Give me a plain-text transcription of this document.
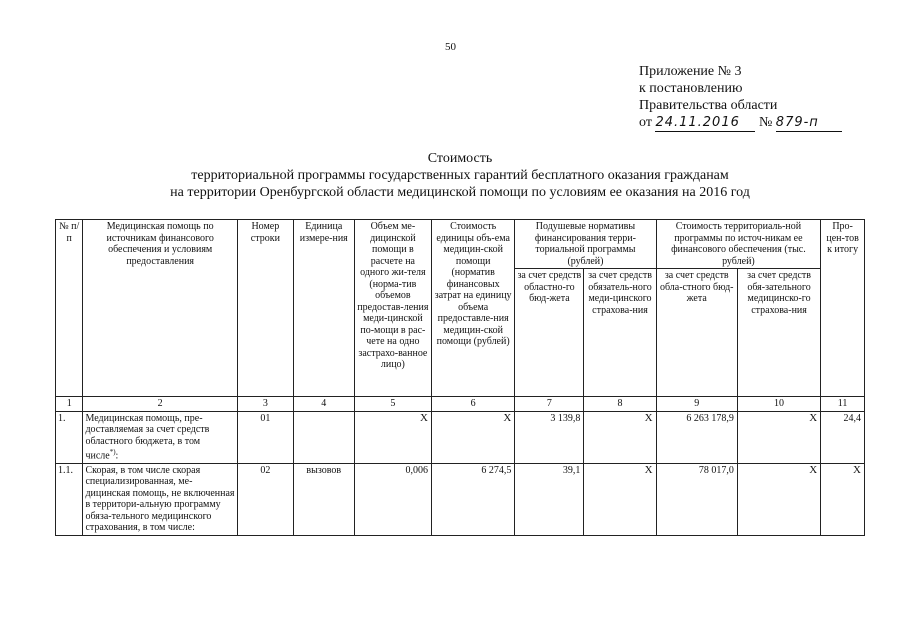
50
Приложение № 3
к постановлению
Правительства области
от 24.11.2016 № 879-п
Стоимость
территориальной программы государственных гарантий бесплатного оказания гражданам
на территории Оренбургской области медицинской помощи по условиям ее оказания на 2016 год
№ п/п	Медицинская помощь по источникам финансового обеспечения и условиям предоставления	Номер строки	Единица измере-ния	Объем ме-дицинской помощи в расчете на одного жи-теля (норма-тив объемов предостав-ления меди-цинской по-мощи в рас-чете на одно застрахо-ванное лицо)	Стоимость единицы объ-ема медицин-ской помощи (норматив финансовых затрат на единицу объема предоставле-ния медицин-ской помощи (рублей)	Подушевые нормативы финансирования терри-ториальной программы (рублей)		Стоимость территориаль-ной программы по источ-никам ее финансового обеспечения (тыс. рублей)		Про-цен-тов к итогу
						за счет средств областно-го бюд-жета	за счет средств обязатель-ного меди-цинского страхова-ния	за счет средств обла-стного бюд-жета	за счет средств обя-зательного медицинско-го страхова-ния	
1	2	3	4	5	6	7	8	9	10	11
1.	Медицинская помощь, пре-доставляемая за счет средств областного бюджета, в том числе*):	01		Х	Х	3 139,8	Х	6 263 178,9	Х	24,4
1.1.	Скорая, в том числе скорая специализированная, ме-дицинская помощь, не включенная в территори-альную программу обяза-тельного медицинского страхования, в том числе:	02	вызовов	0,006	6 274,5	39,1	Х	78 017,0	Х	Х
